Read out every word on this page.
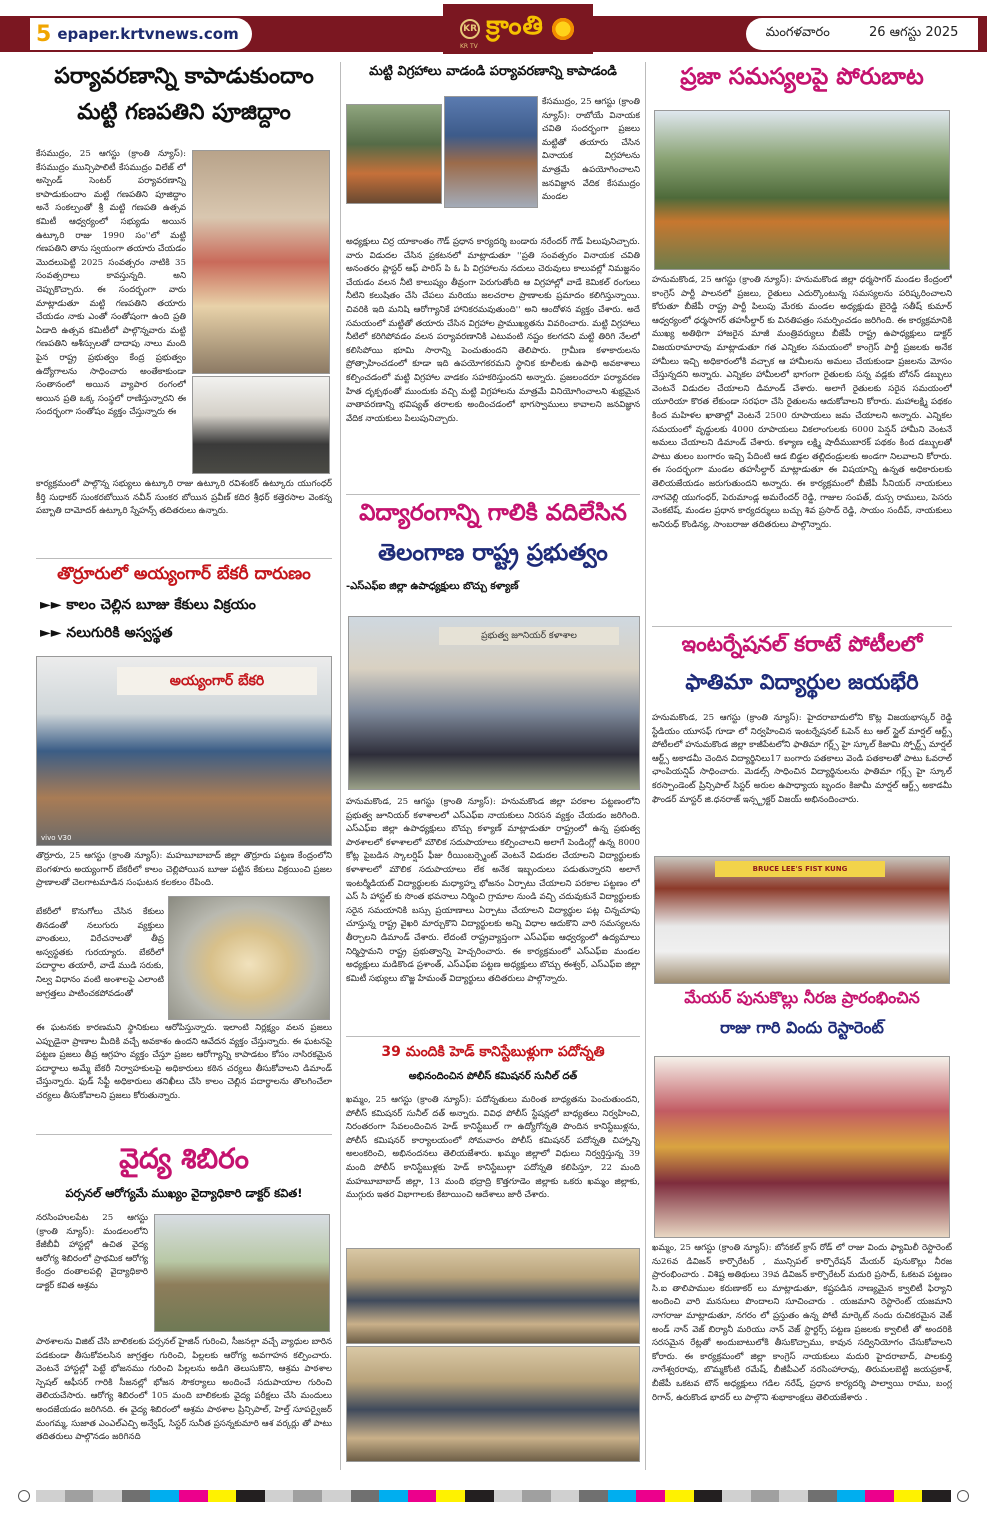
5 epaper.krtvnews.com	KR క్రాంతి
KR TV
మంగళవారం	26 ఆగస్టు 2025
పర్యావరణాన్ని కాపాడుకుందాం
మట్టి గణపతిని పూజిద్దాం
కేసముద్రం, 25 ఆగస్టు (క్రాంతి న్యూస్): కేసముద్రం మున్సిపాలిటీ కేసముద్రం విలేజ్ లో అస్పెండ్ సెంటర్ పర్యావరణాన్ని కాపాడుకుందాం మట్టి గణపతిని పూజిద్దాం అనే సంకల్పంతో శ్రీ మట్టి గణపతి ఉత్సవ కమిటీ ఆధ్వర్యంలో సభ్యుడు అయిన ఉట్కూరి రాజు 1990 సం''లో మట్టి గణపతిని తాను స్వయంగా తయారు చేయడం మొదలుపెట్టి 2025 సంవత్సరం నాటికి 35 సంవత్సరాలు కావస్తున్నది. అని చెప్పుకొచ్చారు. ఈ సందర్భంగా వారు మాట్లాడుతూ మట్టి గణపతిని తయారు చేయడం నాకు ఎంతో సంతోషంగా ఉంది ప్రతి ఏడాది ఉత్సవ కమిటీలో పాల్గొన్నవారు మట్టి గణపతిని ఆశీస్సులతో దాదాపు నాలు మంది పైన రాష్ట్ర ప్రభుత్వం కేంద్ర ప్రభుత్వం ఉద్యోగాలను సాధించారు అంతేకాకుండా సంతానంలో అయిన వ్యాపార రంగంలో అయిన ప్రతి ఒక్క సంస్థలో రాణిస్తున్నారని ఈ సందర్భంగా సంతోషం వ్యక్తం చేస్తున్నారు ఈ
కార్యక్రమంలో పాల్గొన్న సభ్యులు ఉట్కూరి రాజు ఉట్కూరి రవిశంకర్ ఉట్కూరు యుగంధర్ కీర్తి సుధాకర్ సుంకరబోయిన నవీన్ సుంకర బోయిన ప్రవీణ్ కదిర శ్రీధర్ కత్తెరసాల వెంకన్న పబ్బాతి దామోదర్ ఉట్కూరి స్నేహన్స్ తదితరులు ఉన్నారు.
తొర్రూరులో అయ్యంగార్ బేకరీ దారుణం
►► కాలం చెల్లిన బూజు కేకులు విక్రయం
►► నలుగురికి అస్వస్థత
అయ్యంగార్ బేకరి
vivo V30
తొర్రూరు, 25 ఆగస్టు (క్రాంతి న్యూస్): మహబూబాబాద్ జిల్లా తొర్రూరు పట్టణ కేంద్రంలోని బెంగళూరు అయ్యంగార్ బేకరీలో కాలం చెల్లిపోయిన బూజు పట్టిన కేకులు విక్రయించి ప్రజల ప్రాణాలతో చెలగాటమాడిన సంఘటన కలకలం రేపింది.
బేకరీలో కొనుగోలు చేసిన కేకులు తినడంతో నలుగురు వ్యక్తులు వాంతులు, విరేచనాలతో తీవ్ర అస్వస్థతకు గురయ్యారు. బేకరీలో పదార్థాల తయారీ, వాడే ముడి సరుకు, నిల్వ విధానం వంటి అంశాలపై ఎలాంటి జాగ్రత్తలు పాటించకపోవడంతో
ఈ ఘటనకు కారణమని స్థానికులు ఆరోపిస్తున్నారు. ఇలాంటి నిర్లక్ష్యం వలన ప్రజలు ఎప్పుడైనా ప్రాణాల మీదికి వచ్చే అవకాశం ఉందని ఆవేదన వ్యక్తం చేస్తున్నారు. ఈ ఘటనపై పట్టణ ప్రజలు తీవ్ర ఆగ్రహం వ్యక్తం చేస్తూ ప్రజల ఆరోగ్యాన్ని కాపాడటం కోసం నాసిరకమైన పదార్థాలు అమ్మే బేకరీ నిర్వాహకులపై అధికారులు కఠిన చర్యలు తీసుకోవాలని డిమాండ్ చేస్తున్నారు. ఫుడ్ సేఫ్టీ అధికారులు తనిఖీలు చేసి కాలం చెల్లిన పదార్థాలను తొలగించేలా చర్యలు తీసుకోవాలని ప్రజలు కోరుతున్నారు.
వైద్య శిబిరం
పర్సనల్ ఆరోగ్యమే ముఖ్యం వైద్యాధికారి డాక్టర్ కవిత!
నరసింహులపేట 25 ఆగస్టు (క్రాంతి న్యూస్): మండలంలోని కేజీబీవీ హాస్టల్లో ఉచిత వైద్య ఆరోగ్య శిబిరంలో ప్రాథమిక ఆరోగ్య కేంద్రం దంతాలపల్లి వైద్యాధికారి డాక్టర్ కవిత ఆశ్రమ
పాఠశాలను విజిట్ చేసి బాలికలకు పర్సనల్ హైజిన్ గురించి, సీజనల్గా వచ్చే వ్యాధుల బారిన పడకుండా తీసుకోవలసిన జాగ్రత్తల గురించి, పిల్లలకు ఆరోగ్య అవగాహన కల్పించారు. వెంటనే హాస్టల్లో పెట్టే భోజనము గురించి పిల్లలను అడిగి తెలుసుకొని, ఆశ్రమ పాఠశాల స్పెషల్ ఆఫీసర్ గారికి సీజనల్లో భోజన సౌకర్యాలు అందించే సదుపాయాల గురించి తెలియచేసారు. ఆరోగ్య శిబిరంలో 105 మంది బాలికలకు వైద్య పరీక్షలు చేసి మందులు అందజేయడం జరిగినది. ఈ వైద్య శిబిరంలో ఆశ్రమ పాఠశాల ప్రిన్సిపాల్, హెల్త్ సూపర్వైజర్ మంగమ్మ, సుజాత ఎంఎల్ఎచ్పి అన్వేష్, సిస్టర్ సునీత ప్రసన్నకుమారి ఆశ వర్కర్లు తో పాటు తదితరులు పాల్గొనడం జరిగినది
మట్టి విగ్రహాలు వాడండి పర్యావరణాన్ని కాపాడండి
కేసముద్రం, 25 ఆగస్టు (క్రాంతి న్యూస్): రాబోయే వినాయక చవితి సందర్భంగా ప్రజలు మట్టితో తయారు చేసిన వినాయక విగ్రహాలను మాత్రమే ఉపయోగించాలని జనవిజ్ఞాన వేదిక కేసముద్రం మండల
అధ్యక్షులు చిర్ర యాకాంతం గౌడ్ ప్రధాన కార్యదర్శి బండారు నరేందర్ గౌడ్ పిలుపునిచ్చారు. వారు విడుదల చేసిన ప్రకటనలో మాట్లాడుతూ ''ప్రతి సంవత్సరం వినాయక చవితి అనంతరం ప్లాస్టర్ ఆఫ్ పారిస్ పి ఓ పి విగ్రహాలను నదులు చెరువులు కాలువల్లో నిమజ్జనం చేయడం వలన నీటి కాలుష్యం తీవ్రంగా పెరుగుతోంది ఆ విగ్రహాల్లో వాడే కెమికల్ రంగులు నీటిని కలుషితం చేసి చేపలు మరియు జలచరాల ప్రాణాలకు ప్రమాదం కలిగిస్తున్నాయి. చివరికి ఇది మనిషి ఆరోగ్యానికే హానికరమవుతుంది'' అని ఆందోళన వ్యక్తం చేశారు. అదే సమయంలో మట్టితో తయారు చేసిన విగ్రహాల ప్రాముఖ్యతను వివరించారు. మట్టి విగ్రహాలు నీటిలో కరిగిపోవడం వలన పర్యావరణానికి ఎటువంటి నష్టం కలగదని మట్టి తిరిగి నేలలో కలిసిపోయి భూమి సారాన్ని పెంచుతుందని తెలిపారు. గ్రామీణ కళాకారులను ప్రోత్సాహించడంలో కూడా ఇది ఉపయోగకరమని స్థానిక కూలీలకు ఉపాధి అవకాశాలు కల్పించడంలో మట్టి విగ్రహాల వాడకం సహకరిస్తుందని అన్నారు. ప్రజలందరూ పర్యావరణ హిత దృక్పథంతో ముందుకు వచ్చి మట్టి విగ్రహాలను మాత్రమే వినియోగించాలని శుభ్రమైన వాతావరణాన్ని భవిష్యత్ తరాలకు అందించడంలో భాగస్వాములు కావాలని జనవిజ్ఞాన వేదిక నాయకులు పిలుపునిచ్చారు.
విద్యారంగాన్ని గాలికి వదిలేసిన
తెలంగాణ రాష్ట్ర ప్రభుత్వం
-ఎస్ఎఫ్ఐ జిల్లా ఉపాధ్యక్షులు బొచ్చు కళ్యాణ్
ప్రభుత్వ జూనియర్ కళాశాల
హనుమకొండ, 25 ఆగస్టు (క్రాంతి న్యూస్): హనుమకొండ జిల్లా పరకాల పట్టణంలోని ప్రభుత్వ జూనియర్ కళాశాలలో ఎస్ఎఫ్ఐ నాయకులు నిరసన వ్యక్తం చేయడం జరిగింది. ఎస్ఎఫ్ఐ జిల్లా ఉపాధ్యక్షులు బొచ్చు కళ్యాణ్ మాట్లాడుతూ రాష్ట్రంలో ఉన్న ప్రభుత్వ పాఠశాలలో కళాశాలలో మౌలిక సదుపాయాలు కల్పించాలని అలాగే పెండింగ్లో ఉన్న 8000 కోట్ల పైబడిన స్కాలర్షిప్ ఫీజు రీయింబర్స్మెంట్ వెంటనే విడుదల చేయాలని విద్యార్థులకు కళాశాలలో మౌలిక సదుపాయాలు లేక అనేక ఇబ్బందులు పడుతున్నారని అలాగే ఇంటర్మీడియట్ విద్యార్థులకు మధ్యాహ్న భోజనం ఏర్పాటు చేయాలని పరకాల పట్టణం లో ఎస్ సి హాస్టల్ కు సొంత భవనాలు నిర్మించి గ్రామాల నుండి వచ్చి చదువుకునే విద్యార్థులకు సరైన సమయానికి బస్సు ప్రయాణాలు ఏర్పాటు చేయాలని విద్యార్థుల పట్ల చిన్నచూపు చూస్తున్న రాష్ట్ర వైఖరి మార్చుకొని విద్యార్థులకు అన్ని విధాల ఆదుకొని వారి సమస్యలను తీర్చాలని డిమాండ్ చేశారు. లేదంటే రాష్ట్రవ్యాప్తంగా ఎస్ఎఫ్ఐ ఆధ్వర్యంలో ఉద్యమాలు నిర్మిస్తామని రాష్ట్ర ప్రభుత్వాన్ని హెచ్చరించారు. ఈ కార్యక్రమంలో ఎస్ఎఫ్ఐ మండల అధ్యక్షులు మడికొండ ప్రశాంత్, ఎస్ఎఫ్ఐ పట్టణ అధ్యక్షులు బొచ్చు ఈశ్వర్, ఎస్ఎఫ్ఐ జిల్లా కమిటీ సభ్యులు బొజ్జ హేమంత్ విద్యార్థులు తదితరులు పాల్గొన్నారు.
39 మందికి హెడ్ కానిస్టేబుళ్లుగా పదోన్నతి
అభినందించిన పోలీస్ కమిషనర్ సునీల్ దత్
ఖమ్మం, 25 ఆగస్టు (క్రాంతి న్యూస్): పదోన్నతులు మరింత బాధ్యతను పెంచుతుందని, పోలీస్ కమిషనర్ సునీల్ దత్ అన్నారు. వివిధ పోలీస్ స్టేషన్లలో బాధ్యతలు నిర్వహించి, నిరంతరంగా సేవలందించిన హెడ్ కానిస్టేబుల్ గా ఉద్యోగోన్నతి పొందిన కానిస్టేబుళ్లను, పోలీస్ కమిషనర్ కార్యాలయంలో సోమవారం పోలీస్ కమిషనర్ పదోన్నతి చిహ్నాన్ని అలంకరించి, అభినందనలు తెలియజేశారు. ఖమ్మం జిల్లాలో విధులు నిర్వర్తిస్తున్న 39 మంది పోలీస్ కానిస్టేబుళ్లకు హెడ్ కానిస్టేబుల్గా పదోన్నతి కలిపిస్తూ, 22 మంది మహబూబాబాద్ జిల్లా, 13 మంది భద్రాద్రి కొత్తగూడెం జిల్లాకు ఒకరు ఖమ్మం జిల్లాకు, ముగ్గురు ఇతర విభాగాలకు కేటాయించి ఆదేశాలు జారీ చేశారు.
ప్రజా సమస్యలపై పోరుబాట
హనుమకొండ, 25 ఆగస్టు (క్రాంతి న్యూస్): హనుమకొండ జిల్లా ధర్మసాగర్ మండల కేంద్రంలో కాంగ్రెస్ పార్టీ పాలనలో ప్రజలు, రైతులు ఎదుర్కొంటున్న సమస్యలను పరిష్కరించాలని కోరుతూ బీజేపీ రాష్ట్ర పార్టీ పిలుపు మేరకు మండల అధ్యక్షుడు బైరెడ్డి సతీష్ కుమార్ ఆధ్వర్యంలో ధర్మసాగర్ తహసీల్దార్ కు వినతిపత్రం సమర్పించడం జరిగింది. ఈ కార్యక్రమానికి ముఖ్య అతిథిగా హాజరైన మాజీ మంత్రివర్యులు బీజేపీ రాష్ట్ర ఉపాధ్యక్షులు డాక్టర్ విజయరామారావు మాట్లాడుతూ గత ఎన్నికల సమయంలో కాంగ్రెస్ పార్టీ ప్రజలకు అనేక హామీలు ఇచ్చి అధికారంలోకి వచ్చాక ఆ హామీలను అమలు చేయకుండా ప్రజలను మోసం చేస్తున్నదని అన్నారు. ఎన్నికల హామీలలో భాగంగా రైతులకు సన్న వడ్లకు బోనస్ డబ్బులు వెంటనే విడుదల చేయాలని డిమాండ్ చేశారు. అలాగే రైతులకు సరైన సమయంలో యూరియా కొరత లేకుండా సరఫరా చేసి రైతులను ఆదుకోవాలని కోరారు. మహాలక్ష్మి పథకం కింద మహిళల ఖాతాల్లో వెంటనే 2500 రూపాయలు జమ చేయాలని అన్నారు. ఎన్నికల సమయంలో వృద్ధులకు 4000 రూపాయలు వికలాంగులకు 6000 పెన్షన్ హామీని వెంటనే అమలు చేయాలని డిమాండ్ చేశారు. కళ్యాణ లక్ష్మి షాదీముబారక్ పథకం కింద డబ్బులతో పాటు తులం బంగారం ఇచ్చి పేదింటి ఆడ బిడ్డల తల్లిదండ్రులకు అండగా నిలవాలని కోరారు. ఈ సందర్భంగా మండల తహసీల్దార్ మాట్లాడుతూ ఈ విషయాన్ని ఉన్నత అధికారులకు తెలియజేయడం జరుగుతుందని అన్నారు. ఈ కార్యక్రమంలో బీజేపీ సీనియర్ నాయకులు నాగవెల్లి యుగంధర్, పెరుమాండ్ల అమరేందర్ రెడ్డి, గాజుల సంపత్, దుస్స రాములు, పెసరు వెంకటేష్, మండల ప్రధాన కార్యదర్శులు బచ్చు శివ ప్రసాద్ రెడ్డి, సాయం సందీప్, నాయకులు అనిరుధ్ కొండిన్య, సాంబరాజు తదితరులు పాల్గొన్నారు.
ఇంటర్నేషనల్ కరాటే పోటీలలో
ఫాతిమా విద్యార్థుల జయభేరి
హనుమకొండ, 25 ఆగస్టు (క్రాంతి న్యూస్): హైదరాబాదులోని కొట్ల విజయభాస్కర్ రెడ్డి స్టేడియం యూసఫ్ గూడా లో నిర్వహించిన ఇంటర్నేషనల్ ఓపెన్ టు ఆల్ స్టైల్ మార్షల్ ఆర్ట్స్ పోటీలలో హనుమకొండ జిల్లా కాజీపేటలోని ఫాతిమా గర్ల్స్ హై స్కూల్ కిజామి స్పోర్ట్స్ మార్షల్ ఆర్ట్స్ అకాడమీ చెందిన విద్యార్థినిలు17 బంగారు పతకాలు వెండి పతకాలతో పాటు ఓవరాల్ ఛాంపియన్షిప్ సాధించారు. మెడల్స్ సాధించిన విద్యార్థినులను ఫాతిమా గర్ల్స్ హై స్కూల్ కరస్పాండెంట్ ప్రిన్సిపాల్ సిస్టర్ అరుల ఉపాధ్యాయ బృందం కిజామీ మార్షల్ ఆర్ట్స్ అకాడమీ ఫౌండర్ మాస్టర్ జి.ధనరాజ్ ఇన్స్ట్రక్టర్ విజయ్ అభినందించారు.
BRUCE LEE'S FIST KUNG
మేయర్ పునుకొల్లు నీరజ ప్రారంభించిన
రాజు గారి విందు రెస్టారెంట్
ఖమ్మం, 25 ఆగస్టు (క్రాంతి న్యూస్): బోనకల్ క్రాస్ రోడ్ లో రాజు విందు ఫ్యామిలీ రెస్టారెంట్ ను26వ డివిజన్ కార్పొరేటర్ , మున్సిపల్ కార్పొరేషన్ మేయర్ పునుకొల్లు నీరజ ప్రారంభించారు . విశిష్ట అతిథులు 39వ డివిజన్ కార్పొరేటర్ మదురి ప్రసాద్, ఓకటవ పట్టణం సి.ఐ తాలిపాముల కరుణాకర్ లు మాట్లాడుతూ, కష్టపడిన నాణ్యమైన క్వాలిటీ ఫిర్యాని అందించి వారి మనసులు పొందాలని సూచించారు . యజమాని రెస్టారెంట్ యజమాని నాగరాజు మాట్లాడుతూ, నగరం లో ప్రస్తుతం ఉన్న పోటీ మార్కెట్ నందు రుచికరమైన వెజ్ అండ్ నాన్ వెజ్ బిర్యానీ మరియు నాన్ వెజ్ స్టార్టర్స్ పట్టణ ప్రజలకు క్వాలిటీ తో అందరికి సరసమైన రేట్లతో అందుబాటులోకి తీసుకొచ్చాము, కావున సద్వినియోగం చేసుకోవాలని కోరారు. ఈ కార్యక్రమంలో జిల్లా కాంగ్రెస్ నాయకులు మదురి హైదరాబాద్, పాలకుర్తి నాగేశ్వరరావు, బొమ్మకోంటి రమేష్, బీజీపీఎల్ నరసింహారావు, తిరుమలబెట్టి జయప్రకాశ్, బీజేపీ ఒకటవ టౌన్ అధ్యక్షులు గడిల నరేష్, ప్రధాన కార్యదర్శి పాల్వాయి రాము, బంగ్ల రిగాన్, ఉరుకొండ భాదర్ లు పాల్గొని శుభాకాంక్షలు తెలియజేశారు .
